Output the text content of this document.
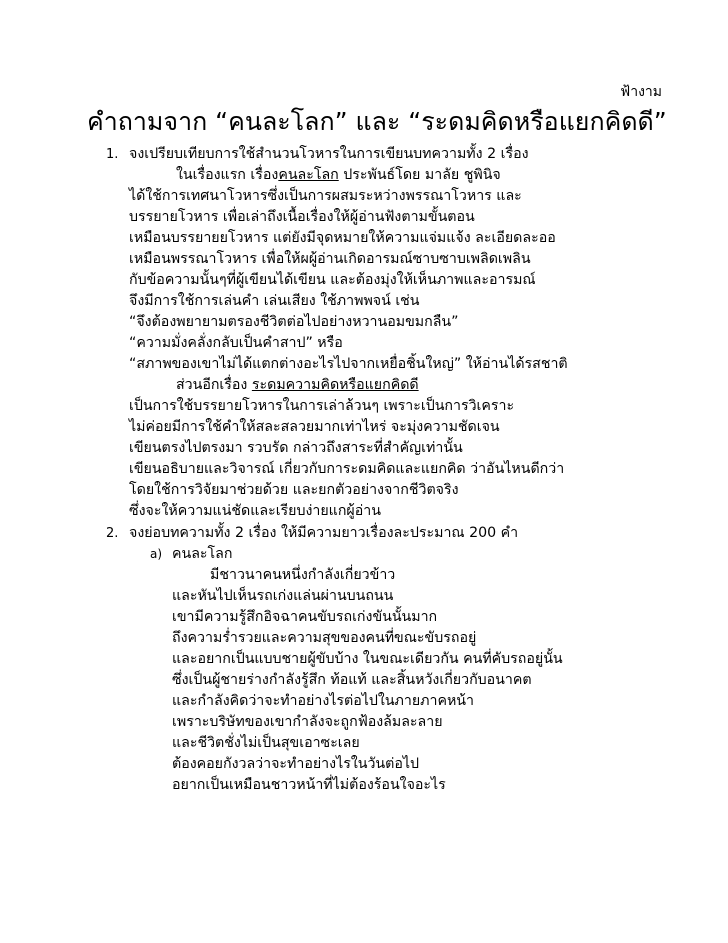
ฟ้างาม

คำถามจาก “คนละโลก” และ “ระดมคิดหรือแยกคิดดี”
1. จงเปรียบเทียบการใช้สำนวนโวหารในการเขียนบทความทั้ง 2 เรื่อง

ในเรื่องแรก เรื่องคนละโลก ประพันธ์โดย มาลัย ชูพินิจ

ได้ใช้การเทศนาโวหารซึ่งเป็นการผสมระหว่างพรรณาโวหาร และ

บรรยายโวหาร เพื่อเล่าถึงเนื้อเรื่องให้ผู้อ่านฟังตามขั้นตอน

เหมือนบรรยายยโวหาร แต่ยังมีจุดหมายให้ความแจ่มแจ้ง ละเอียดละออ

เหมือนพรรณาโวหาร เพื่อให้ผผู้อ่านเกิดอารมณ์ซาบซาบเพลิดเพลิน

กับข้อความนั้นๆที่ผู้เขียนได้เขียน และต้องมุ่งให้เห็นภาพและอารมณ์

จึงมีการใช้การเล่นคำ เล่นเสียง ใช้ภาพพจน์ เช่น

“จึงต้องพยายามตรองชีวิตต่อไปอย่างหวานอมขมกลืน”

“ความมั่งคลั่งกลับเป็นคำสาป” หรือ

“สภาพของเขาไม่ได้แตกต่างอะไรไปจากเหยื่อชิ้นใหญ่” ให้อ่านได้รสชาติ

ส่วนอีกเรื่อง ระดมความคิดหรือแยกคิดดี

เป็นการใช้บรรยายโวหารในการเล่าล้วนๆ เพราะเป็นการวิเคราะ

ไม่ค่อยมีการใช้คำให้สละสลวยมากเท่าไหร่ จะมุ่งความชัดเจน

เขียนตรงไปตรงมา รวบรัด กล่าวถึงสาระที่สำคัญเท่านั้น

เขียนอธิบายและวิจารณ์ เกี่ยวกับการะดมคิดและแยกคิด ว่าอันไหนดีกว่า

โดยใช้การวิจัยมาช่วยด้วย และยกตัวอย่างจากชีวิตจริง

ซึ่งจะให้ความแน่ชัดและเรียบง่ายแกผู้อ่าน

2. จงย่อบทความทั้ง 2 เรื่อง ให้มีความยาวเรื่องละประมาณ 200 คำ

a) คนละโลก

มีชาวนาคนหนึ่งกำลังเกี่ยวข้าว

และหันไปเห็นรถเก่งแล่นผ่านบนถนน

เขามีความรู้สึกอิจฉาคนขับรถเก่งขันนั้นมาก

ถึงความร่ำรวยและความสุขของคนที่ขณะขับรถอยู่

และอยากเป็นแบบชายผู้ขับบ้าง ในขณะเดียวกัน คนที่คับรถอยู่นั้น

ซึ่งเป็นผู้ชายร่างกำลังรู้สึก ท้อแท้ และสิ้นหวังเกี่ยวกับอนาคต

และกำลังคิดว่าจะทำอย่างไรต่อไปในภายภาคหน้า

เพราะบริษัทของเขากำลังจะถูกฟ้องล้มละลาย

และชีวิตชั่งไม่เป็นสุขเอาซะเลย

ต้องคอยกังวลว่าจะทำอย่างไรในวันต่อไป

อยากเป็นเหมือนชาวหน้าที่ไม่ต้องร้อนใจอะไร
